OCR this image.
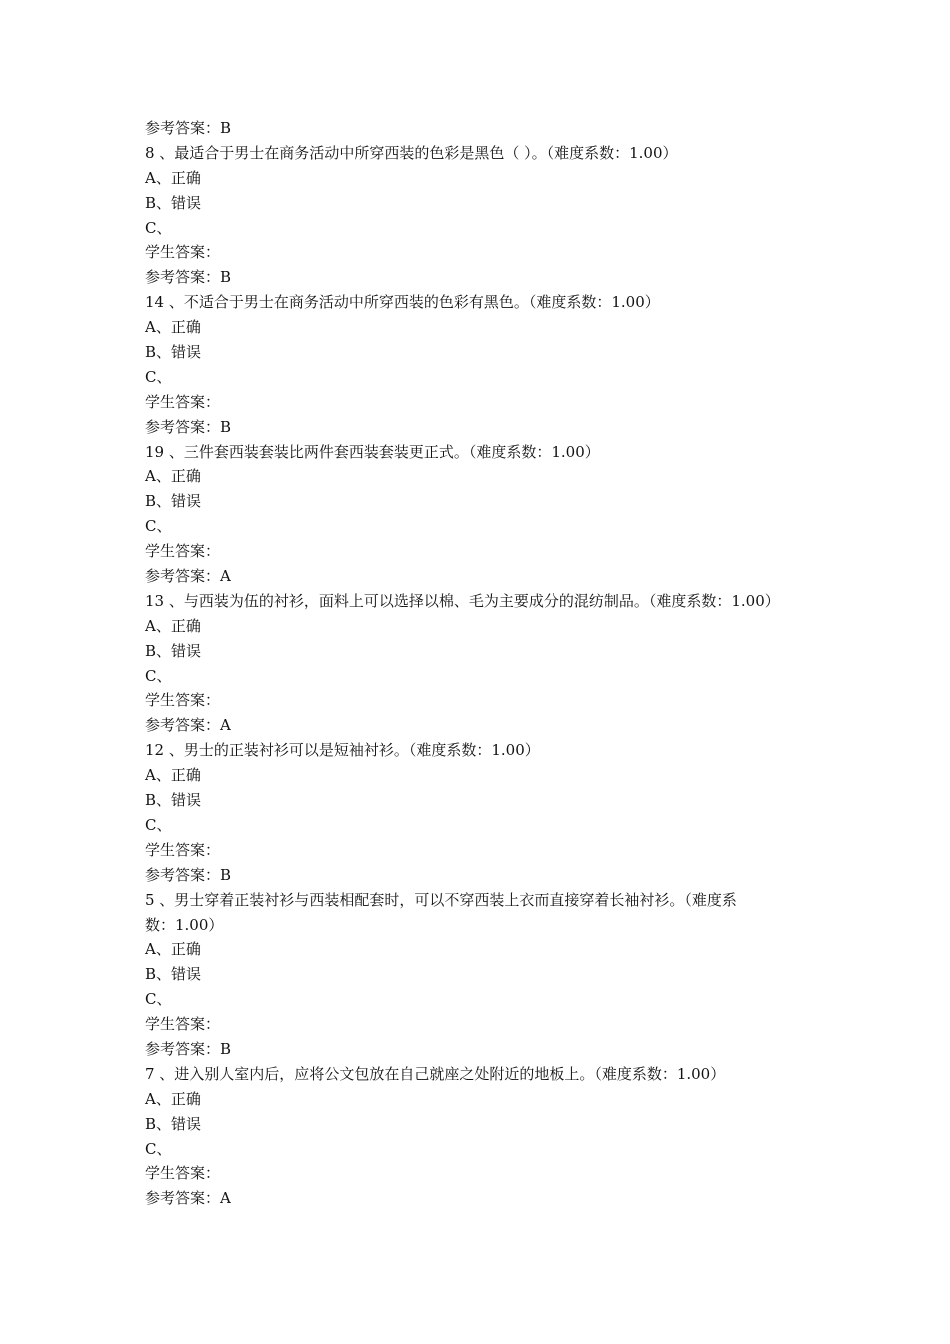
参考答案：B
8 、最适合于男士在商务活动中所穿西装的色彩是黑色（ ）。（难度系数：1.00）
A、正确
B、错误
C、
学生答案：
参考答案：B
14 、不适合于男士在商务活动中所穿西装的色彩有黑色。（难度系数：1.00）
A、正确
B、错误
C、
学生答案：
参考答案：B
19 、三件套西装套装比两件套西装套装更正式。（难度系数：1.00）
A、正确
B、错误
C、
学生答案：
参考答案：A
13 、与西装为伍的衬衫，面料上可以选择以棉、毛为主要成分的混纺制品。（难度系数：1.00）
A、正确
B、错误
C、
学生答案：
参考答案：A
12 、男士的正装衬衫可以是短袖衬衫。（难度系数：1.00）
A、正确
B、错误
C、
学生答案：
参考答案：B
5 、男士穿着正装衬衫与西装相配套时，可以不穿西装上衣而直接穿着长袖衬衫。（难度系
数：1.00）
A、正确
B、错误
C、
学生答案：
参考答案：B
7 、进入别人室内后，应将公文包放在自己就座之处附近的地板上。（难度系数：1.00）
A、正确
B、错误
C、
学生答案：
参考答案：A
